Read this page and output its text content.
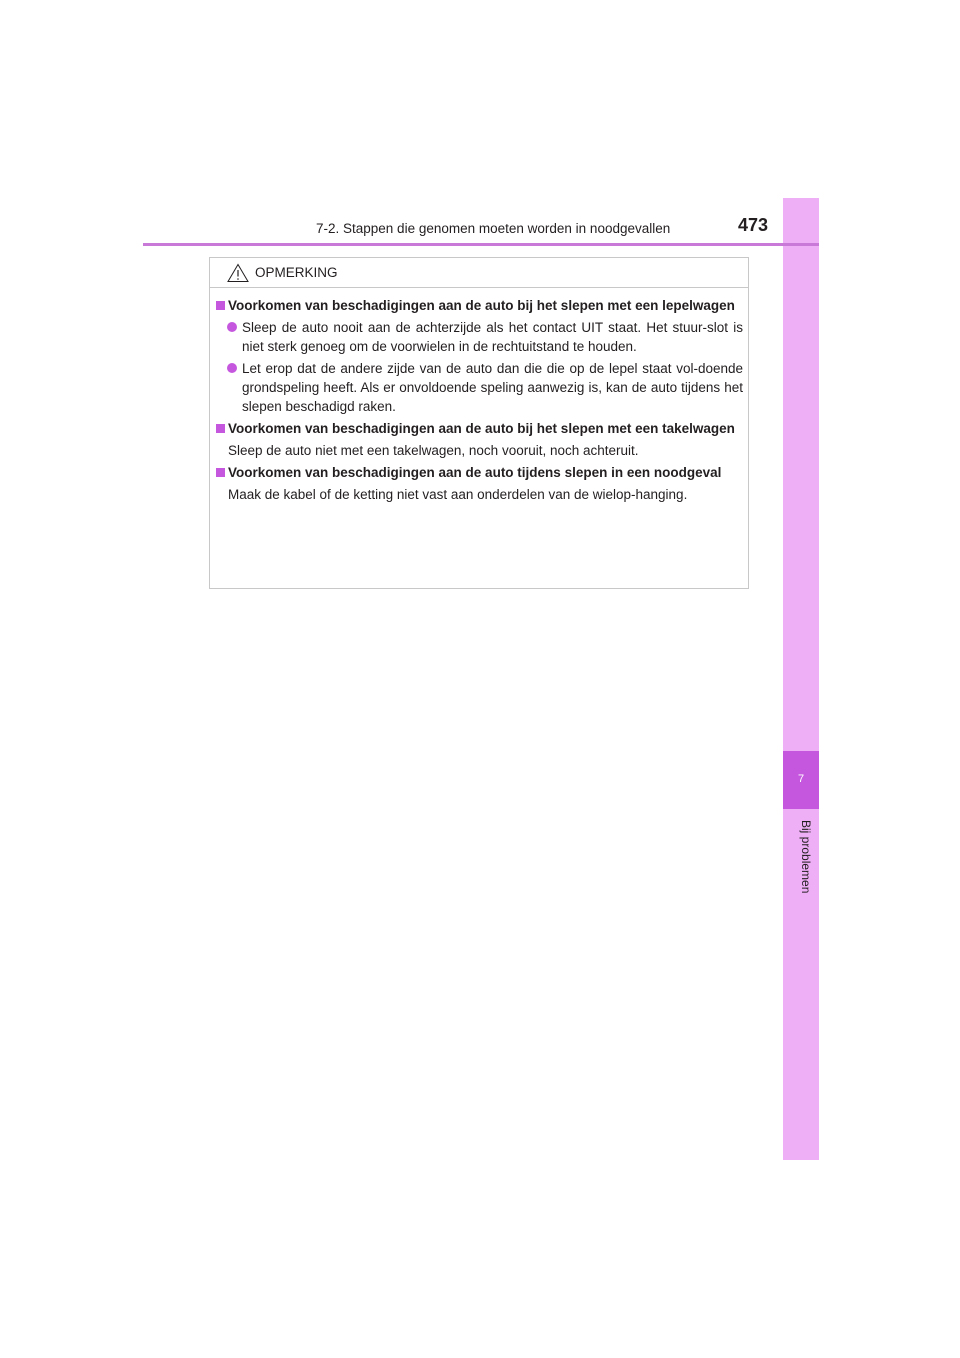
7
Bij problemen
7-2. Stappen die genomen moeten worden in noodgevallen	473
OPMERKING
Voorkomen van beschadigingen aan de auto bij het slepen met een lepelwagen
Sleep de auto nooit aan de achterzijde als het contact UIT staat. Het stuur-slot is niet sterk genoeg om de voorwielen in de rechtuitstand te houden.
Let erop dat de andere zijde van de auto dan die die op de lepel staat vol-doende grondspeling heeft. Als er onvoldoende speling aanwezig is, kan de auto tijdens het slepen beschadigd raken.
Voorkomen van beschadigingen aan de auto bij het slepen met een takelwagen
Sleep de auto niet met een takelwagen, noch vooruit, noch achteruit.
Voorkomen van beschadigingen aan de auto tijdens slepen in een noodgeval
Maak de kabel of de ketting niet vast aan onderdelen van de wielop-hanging.
